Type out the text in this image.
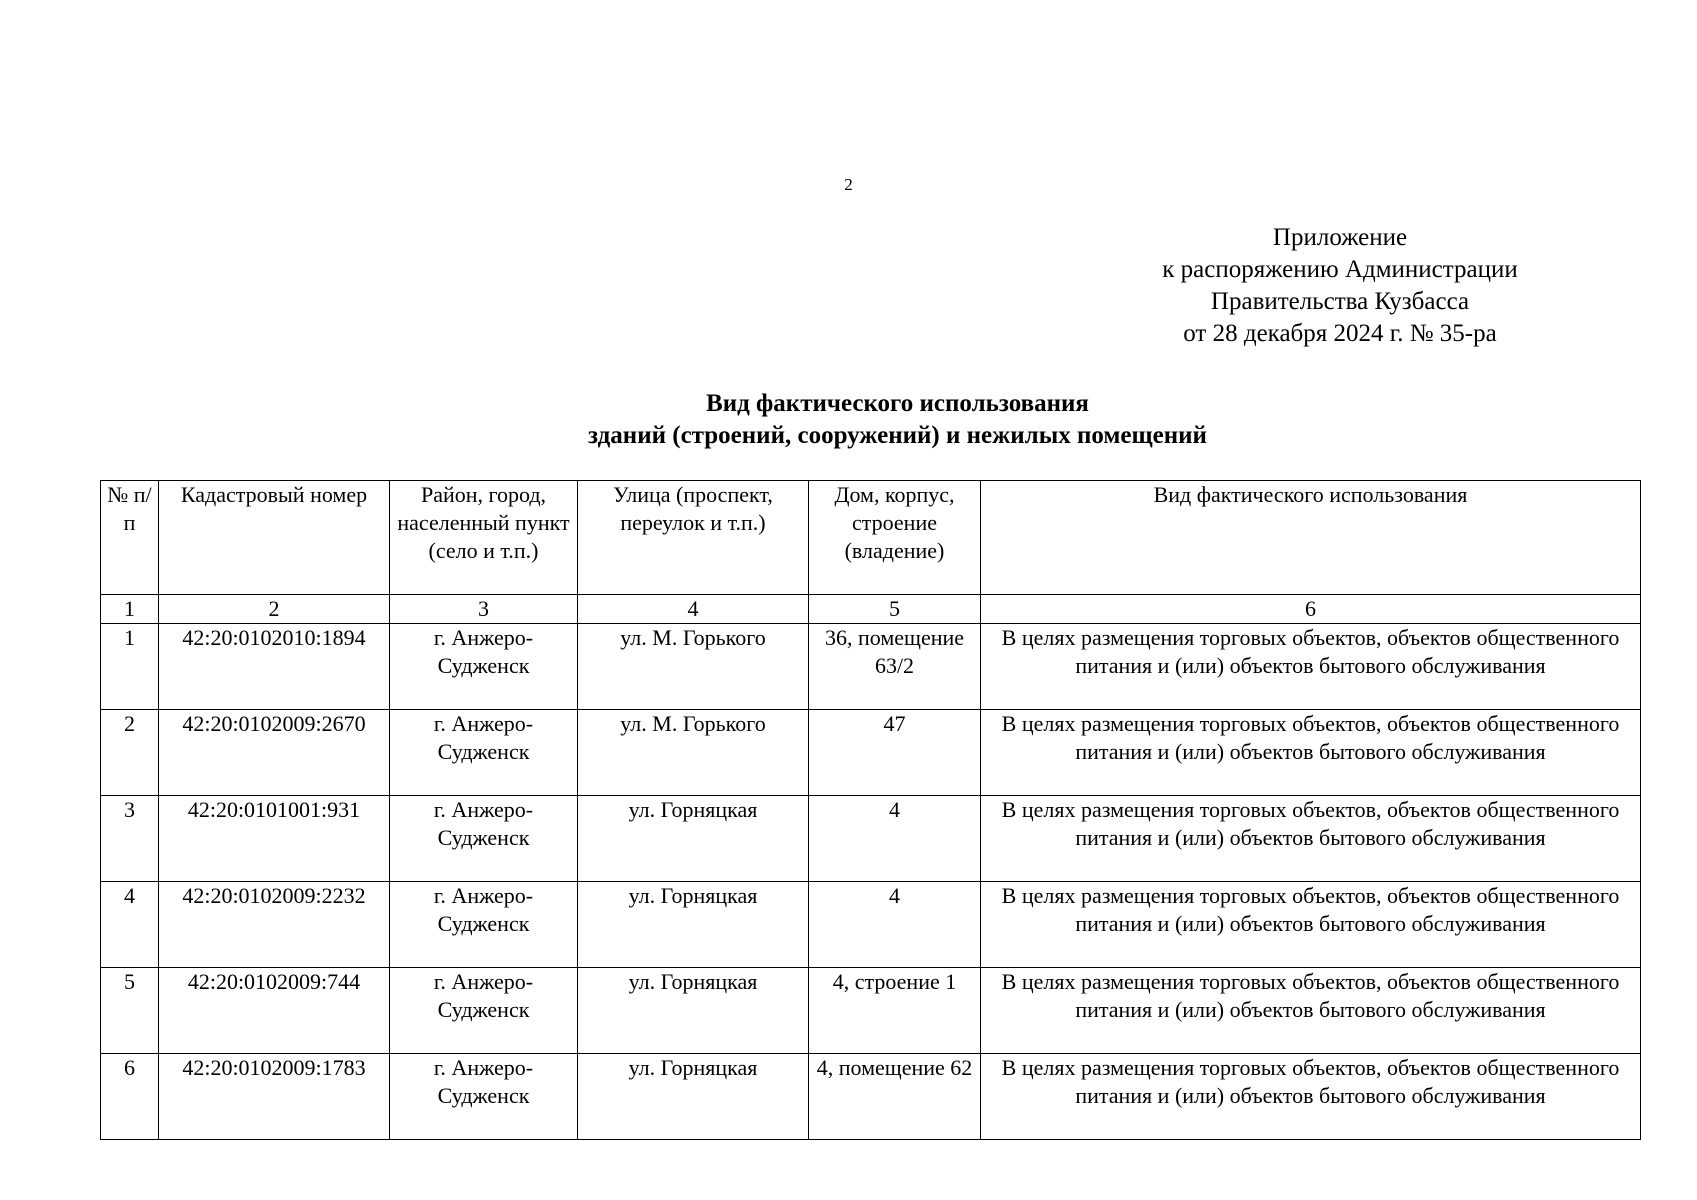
2
Приложение
к распоряжению Администрации
Правительства Кузбасса
от 28 декабря 2024 г. № 35-ра
Вид фактического использования
зданий (строений, сооружений) и нежилых помещений
№ п/п	Кадастровый номер	Район, город, населенный пункт (село и т.п.)	Улица (проспект, переулок и т.п.)	Дом, корпус, строение (владение)	Вид фактического использования
1	2	3	4	5	6
1	42:20:0102010:1894	г. Анжеро-Судженск	ул. М. Горького	36, помещение 63/2	В целях размещения торговых объектов, объектов общественного питания и (или) объектов бытового обслуживания
2	42:20:0102009:2670	г. Анжеро-Судженск	ул. М. Горького	47	В целях размещения торговых объектов, объектов общественного питания и (или) объектов бытового обслуживания
3	42:20:0101001:931	г. Анжеро-Судженск	ул. Горняцкая	4	В целях размещения торговых объектов, объектов общественного питания и (или) объектов бытового обслуживания
4	42:20:0102009:2232	г. Анжеро-Судженск	ул. Горняцкая	4	В целях размещения торговых объектов, объектов общественного питания и (или) объектов бытового обслуживания
5	42:20:0102009:744	г. Анжеро-Судженск	ул. Горняцкая	4, строение 1	В целях размещения торговых объектов, объектов общественного питания и (или) объектов бытового обслуживания
6	42:20:0102009:1783	г. Анжеро-Судженск	ул. Горняцкая	4, помещение 62	В целях размещения торговых объектов, объектов общественного питания и (или) объектов бытового обслуживания
